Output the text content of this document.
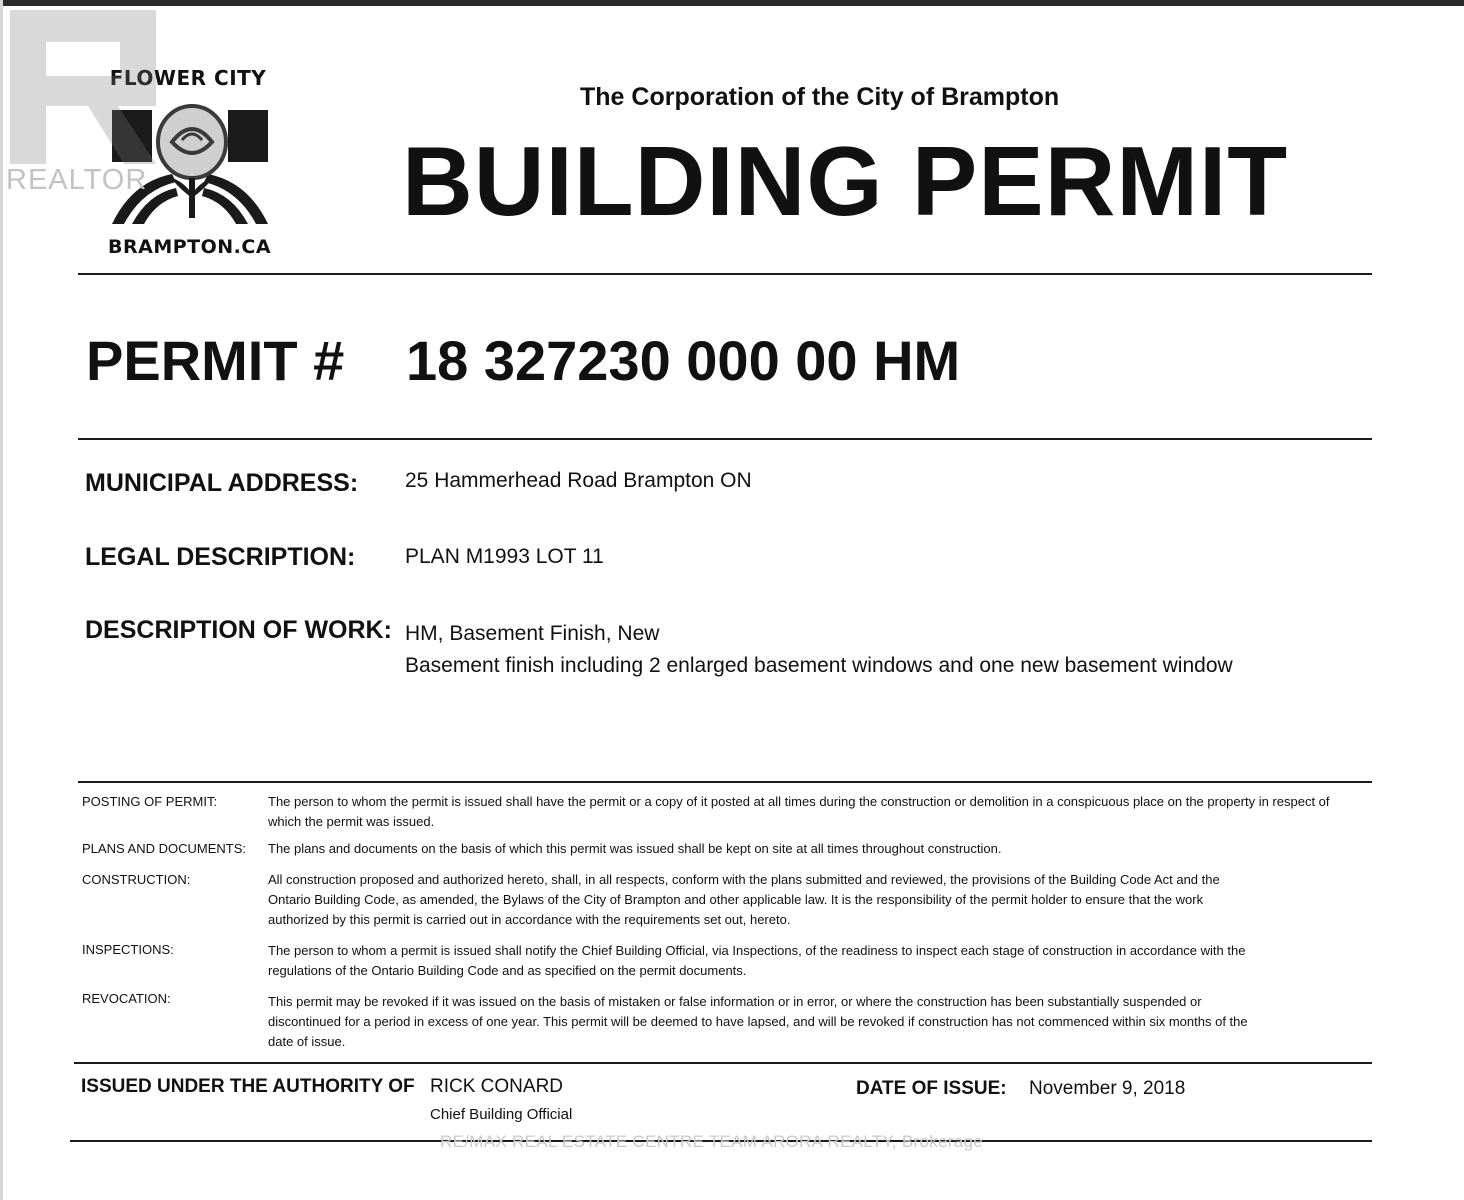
FLOWER CITY
BRAMPTON.CA
REALTOR
The Corporation of the City of Brampton
BUILDING PERMIT
PERMIT # 18 327230 000 00 HM
MUNICIPAL ADDRESS: 25 Hammerhead Road Brampton ON
LEGAL DESCRIPTION: PLAN M1993 LOT 11
DESCRIPTION OF WORK: HM, Basement Finish, New
Basement finish including 2 enlarged basement windows and one new basement window
POSTING OF PERMIT:	The person to whom the permit is issued shall have the permit or a copy of it posted at all times during the construction or demolition in a conspicuous place on the property in respect of which the permit was issued.
PLANS AND DOCUMENTS:	The plans and documents on the basis of which this permit was issued shall be kept on site at all times throughout construction.
CONSTRUCTION:	All construction proposed and authorized hereto, shall, in all respects, conform with the plans submitted and reviewed, the provisions of the Building Code Act and the Ontario Building Code, as amended, the Bylaws of the City of Brampton and other applicable law. It is the responsibility of the permit holder to ensure that the work authorized by this permit is carried out in accordance with the requirements set out, hereto.
INSPECTIONS:	The person to whom a permit is issued shall notify the Chief Building Official, via Inspections, of the readiness to inspect each stage of construction in accordance with the regulations of the Ontario Building Code and as specified on the permit documents.
REVOCATION:	This permit may be revoked if it was issued on the basis of mistaken or false information or in error, or where the construction has been substantially suspended or discontinued for a period in excess of one year. This permit will be deemed to have lapsed, and will be revoked if construction has not commenced within six months of the date of issue.
ISSUED UNDER THE AUTHORITY OF RICK CONARD
Chief Building Official
DATE OF ISSUE: November 9, 2018
RE/MAX REAL ESTATE CENTRE TEAM ARORA REALTY, Brokerage
